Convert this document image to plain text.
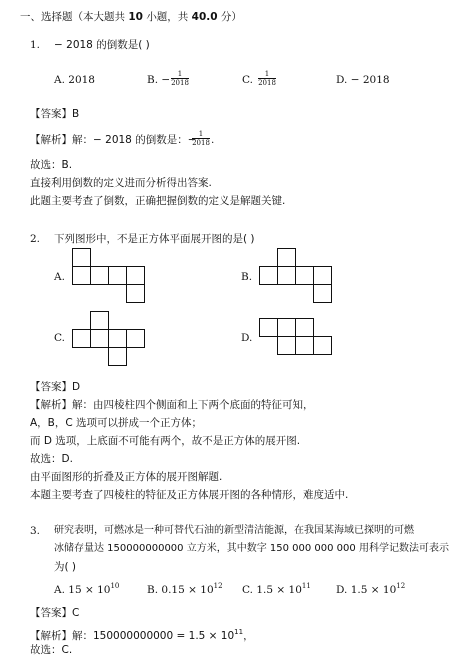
一、选择题（本大题共 10 小题，共 40.0 分）
1. − 2018 的倒数是( )
A. 2018	B. − $\frac{1}{2018}$	C. $\frac{1}{2018}$	D. − 2018
【答案】B
【解析】解：− 2018 的倒数是：−
$\frac{1}{2018}$ .
故选：B.
直接利用倒数的定义进而分析得出答案.
此题主要考查了倒数，正确把握倒数的定义是解题关键.
2. 下列图形中，不是正方体平面展开图的是( )
A.	B.
C.	D.
【答案】D
【解析】解：由四棱柱四个侧面和上下两个底面的特征可知，
A，B，C 选项可以拼成一个正方体；
而 D 选项，上底面不可能有两个，故不是正方体的展开图.
故选：D.
由平面图形的折叠及正方体的展开图解题.
本题主要考查了四棱柱的特征及正方体展开图的各种情形，难度适中.
3. 研究表明，可燃冰是一种可替代石油的新型清洁能源，在我国某海域已探明的可燃
冰储存量达 150000000000 立方米，其中数字 150 000 000 000 用科学记数法可表示
为( )
A. $15 \times 10^{10}$	B. $0.15 \times 10^{12}$ C. $1.5 \times 10^{11}$ D. $1.5 \times 10^{12}$
【答案】C
【解析】解：$150000000000 = 1.5 \times 10^{11}$，
故选：C.
